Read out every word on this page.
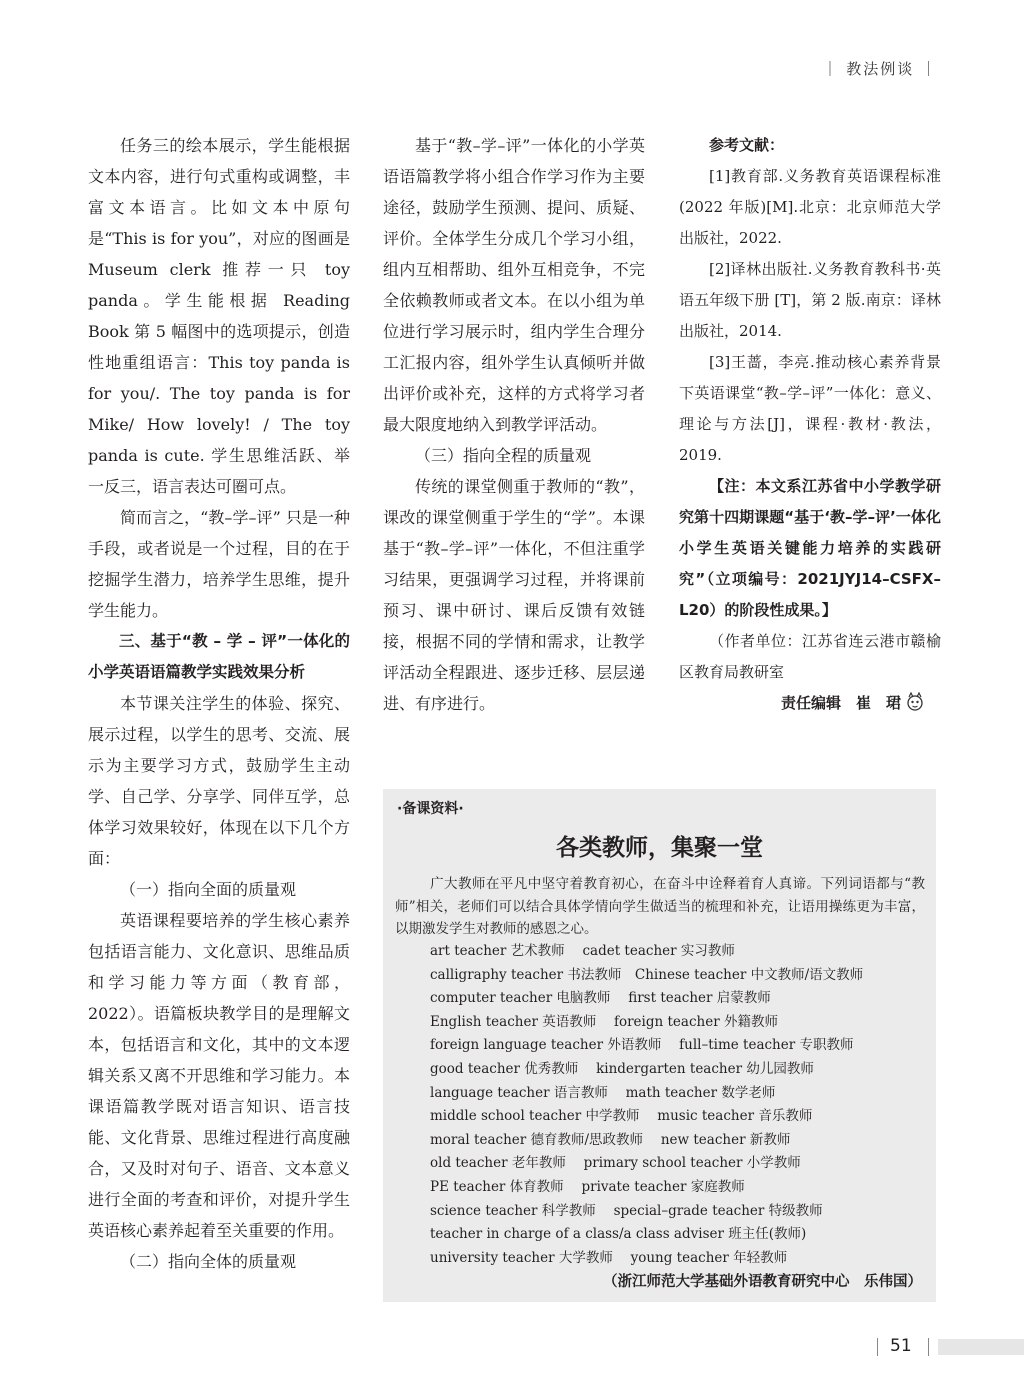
｜ 教法例谈 ｜

任务三的绘本展示，学生能根据文本内容，进行句式重构或调整，丰富文本语言。比如文本中原句是“This is for you”，对应的图画是 Museum clerk 推荐一只 toy panda。学生能根据 Reading Book 第 5 幅图中的选项提示，创造性地重组语言：This toy panda is for you/. The toy panda is for Mike/ How lovely! / The toy panda is cute. 学生思维活跃、举一反三，语言表达可圈可点。

简而言之，“教–学–评” 只是一种手段，或者说是一个过程，目的在于挖掘学生潜力，培养学生思维，提升学生能力。

三、基于“教 – 学 – 评”一体化的小学英语语篇教学实践效果分析

本节课关注学生的体验、探究、展示过程，以学生的思考、交流、展示为主要学习方式，鼓励学生主动学、自己学、分享学、同伴互学，总体学习效果较好，体现在以下几个方面：

（一）指向全面的质量观

英语课程要培养的学生核心素养包括语言能力、文化意识、思维品质和学习能力等方面（教育部，2022）。语篇板块教学目的是理解文本，包括语言和文化，其中的文本逻辑关系又离不开思维和学习能力。本课语篇教学既对语言知识、语言技能、文化背景、思维过程进行高度融合，又及时对句子、语音、文本意义进行全面的考查和评价，对提升学生英语核心素养起着至关重要的作用。

（二）指向全体的质量观

基于“教–学–评”一体化的小学英语语篇教学将小组合作学习作为主要途径，鼓励学生预测、提问、质疑、评价。全体学生分成几个学习小组，组内互相帮助、组外互相竞争，不完全依赖教师或者文本。在以小组为单位进行学习展示时，组内学生合理分工汇报内容，组外学生认真倾听并做出评价或补充，这样的方式将学习者最大限度地纳入到教学评活动。

（三）指向全程的质量观

传统的课堂侧重于教师的“教”，课改的课堂侧重于学生的“学”。本课基于“教–学–评”一体化，不但注重学习结果，更强调学习过程，并将课前预习、课中研讨、课后反馈有效链接，根据不同的学情和需求，让教学评活动全程跟进、逐步迁移、层层递进、有序进行。

参考文献：

[1]教育部.义务教育英语课程标准(2022 年版)[M].北京：北京师范大学出版社，2022.

[2]译林出版社.义务教育教科书·英语五年级下册 [T]，第 2 版.南京：译林出版社，2014.

[3]王蔷，李亮.推动核心素养背景下英语课堂“教–学–评”一体化：意义、理论与方法[J]，课程·教材·教法，2019.

【注：本文系江苏省中小学教学研究第十四期课题“基于‘教–学–评’一体化小学生英语关键能力培养的实践研究”（立项编号：2021JYJ14–CSFX–L20）的阶段性成果。】

（作者单位：江苏省连云港市赣榆区教育局教研室

责任编辑　崔　珺

·备课资料·
各类教师，集聚一堂

广大教师在平凡中坚守着教育初心，在奋斗中诠释着育人真谛。下列词语都与“教师”相关，老师们可以结合具体学情向学生做适当的梳理和补充，让语用操练更为丰富，以期激发学生对教师的感恩之心。

art teacher 艺术教师　 cadet teacher 实习教师
calligraphy teacher 书法教师　Chinese teacher 中文教师/语文教师
computer teacher 电脑教师　 first teacher 启蒙教师
English teacher 英语教师　 foreign teacher 外籍教师
foreign language teacher 外语教师　 full–time teacher 专职教师
good teacher 优秀教师　 kindergarten teacher 幼儿园教师
language teacher 语言教师　 math teacher 数学老师
middle school teacher 中学教师　 music teacher 音乐教师
moral teacher 德育教师/思政教师　 new teacher 新教师
old teacher 老年教师　 primary school teacher 小学教师
PE teacher 体育教师　 private teacher 家庭教师
science teacher 科学教师　 special–grade teacher 特级教师
teacher in charge of a class/a class adviser 班主任(教师)
university teacher 大学教师　 young teacher 年轻教师
（浙江师范大学基础外语教育研究中心　乐伟国）
51
